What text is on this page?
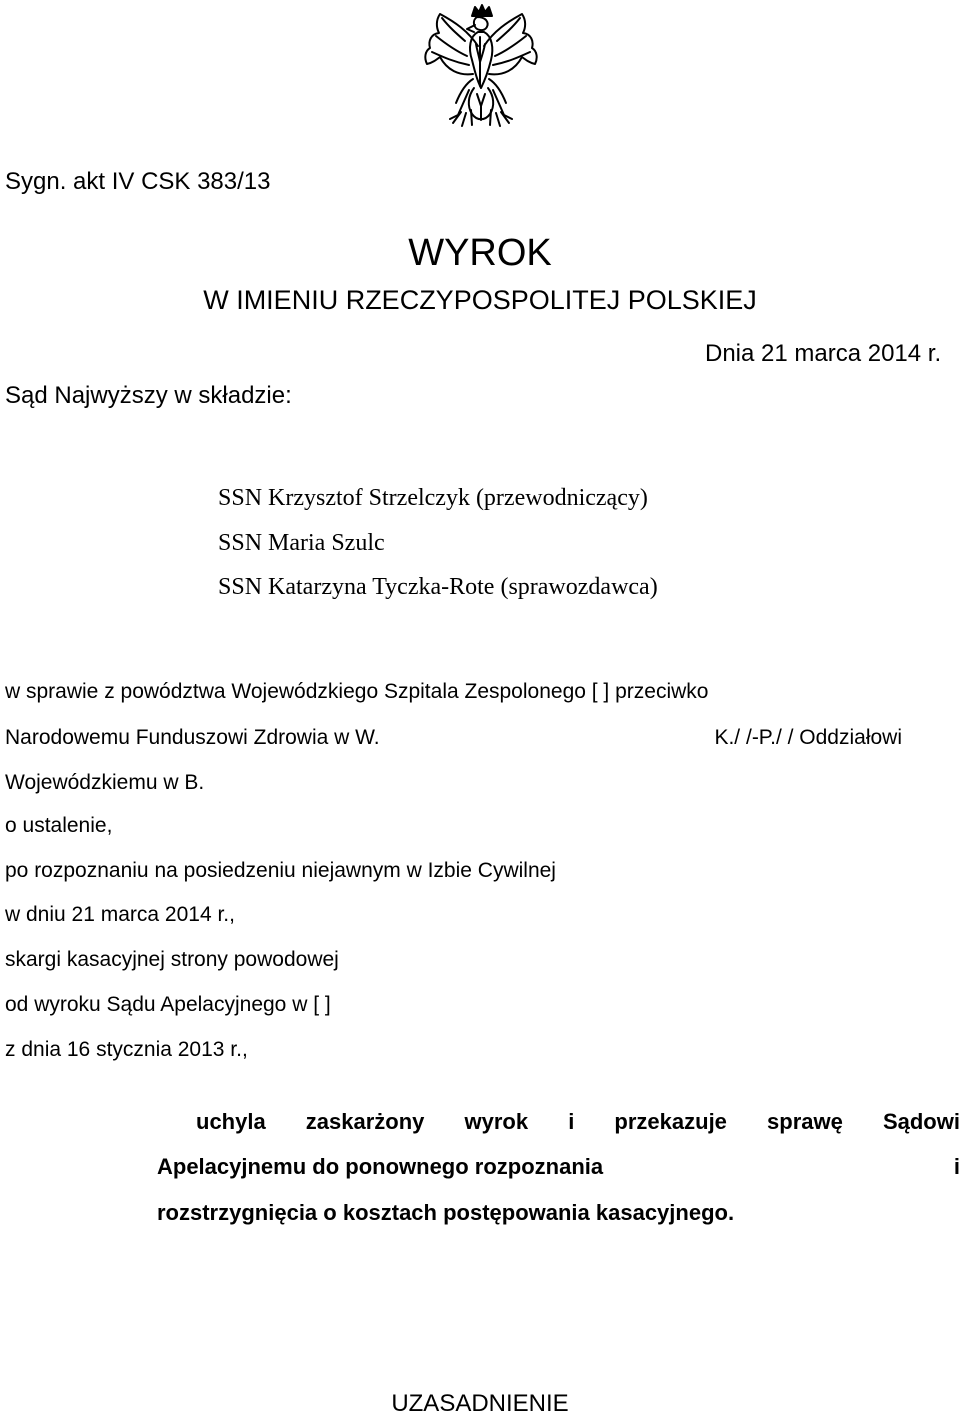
Sygn. akt IV CSK 383/13
WYROK
W IMIENIU RZECZYPOSPOLITEJ POLSKIEJ
Dnia 21 marca 2014 r.
Sąd Najwyższy w składzie:
SSN Krzysztof Strzelczyk (przewodniczący)
SSN Maria Szulc
SSN Katarzyna Tyczka-Rote (sprawozdawca)
w sprawie z powództwa Wojewódzkiego Szpitala Zespolonego [ ] przeciwko
Narodowemu Funduszowi Zdrowia w W.	K./ /-P./ / Oddziałowi
Wojewódzkiemu w B.
o ustalenie,
po rozpoznaniu na posiedzeniu niejawnym w Izbie Cywilnej
w dniu 21 marca 2014 r.,
skargi kasacyjnej strony powodowej
od wyroku Sądu Apelacyjnego w [ ]
z dnia 16 stycznia 2013 r.,
uchyla zaskarżony wyrok i przekazuje sprawę Sądowi
Apelacyjnemu do ponownego rozpoznania	i
rozstrzygnięcia o kosztach postępowania kasacyjnego.
UZASADNIENIE
